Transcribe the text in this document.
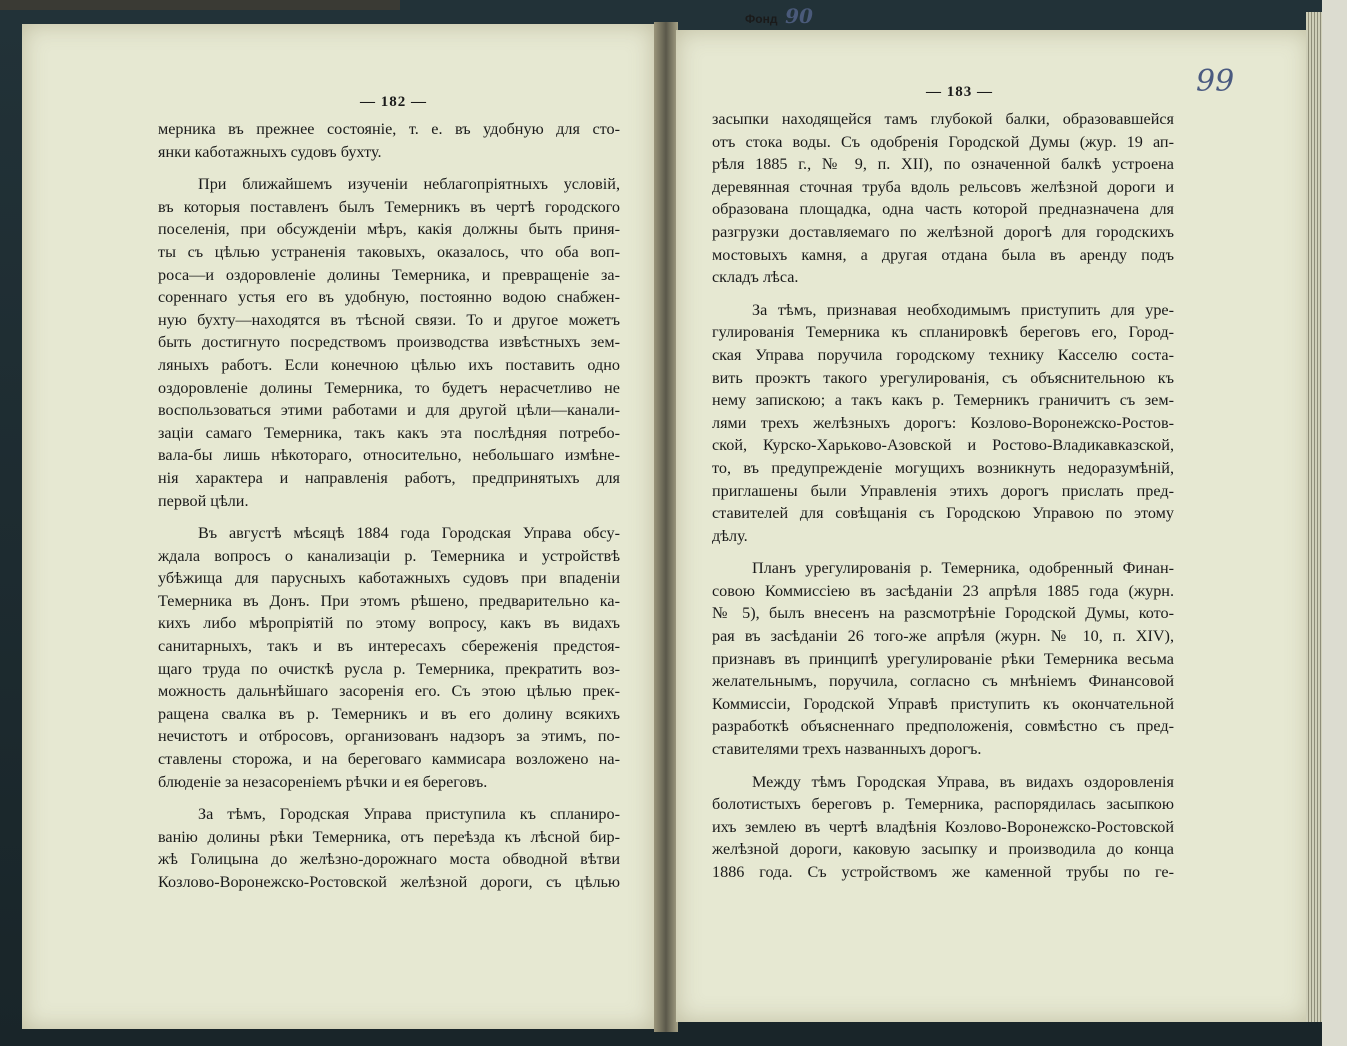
Фонд 90
— 182 —
мерника въ прежнее состояніе, т. е. въ удобную для сто-
янки каботажныхъ судовъ бухту.
При ближайшемъ изученіи неблагопріятныхъ условій,
въ которыя поставленъ былъ Темерникъ въ чертѣ городского
поселенія, при обсужденіи мѣръ, какія должны быть приня-
ты съ цѣлью устраненія таковыхъ, оказалось, что оба воп-
роса—и оздоровленіе долины Темерника, и превращеніе за-
сореннаго устья его въ удобную, постоянно водою снабжен-
ную бухту—находятся въ тѣсной связи. То и другое можетъ
быть достигнуто посредствомъ производства извѣстныхъ зем-
ляныхъ работъ. Если конечною цѣлью ихъ поставить одно
оздоровленіе долины Темерника, то будетъ нерасчетливо не
воспользоваться этими работами и для другой цѣли—канали-
заціи самаго Темерника, такъ какъ эта послѣдняя потребо-
вала-бы лишь нѣкотораго, относительно, небольшаго измѣне-
нія характера и направленія работъ, предпринятыхъ для
первой цѣли.
Въ августѣ мѣсяцѣ 1884 года Городская Управа обсу-
ждала вопросъ о канализаціи р. Темерника и устройствѣ
убѣжища для парусныхъ каботажныхъ судовъ при впаденіи
Темерника въ Донъ. При этомъ рѣшено, предварительно ка-
кихъ либо мѣропріятій по этому вопросу, какъ въ видахъ
санитарныхъ, такъ и въ интересахъ сбереженія предстоя-
щаго труда по очисткѣ русла р. Темерника, прекратить воз-
можность дальнѣйшаго засоренія его. Съ этою цѣлью прек-
ращена свалка въ р. Темерникъ и въ его долину всякихъ
нечистотъ и отбросовъ, организованъ надзоръ за этимъ, по-
ставлены сторожа, и на береговаго каммисара возложено на-
блюденіе за незасореніемъ рѣчки и ея береговъ.
За тѣмъ, Городская Управа приступила къ спланиро-
ванію долины рѣки Темерника, отъ переѣзда къ лѣсной бир-
жѣ Голицына до желѣзно-дорожнаго моста обводной вѣтви
Козлово-Воронежско-Ростовской желѣзной дороги, съ цѣлью
— 183 —	99
засыпки находящейся тамъ глубокой балки, образовавшейся
отъ стока воды. Съ одобренія Городской Думы (жур. 19 ап-
рѣля 1885 г., № 9, п. XII), по означенной балкѣ устроена
деревянная сточная труба вдоль рельсовъ желѣзной дороги и
образована площадка, одна часть которой предназначена для
разгрузки доставляемаго по желѣзной дорогѣ для городскихъ
мостовыхъ камня, а другая отдана была въ аренду подъ
складъ лѣса.
За тѣмъ, признавая необходимымъ приступить для уре-
гулированія Темерника къ спланировкѣ береговъ его, Город-
ская Управа поручила городскому технику Касселю соста-
вить проэктъ такого урегулированія, съ объяснительною къ
нему запискою; а такъ какъ р. Темерникъ граничитъ съ зем-
лями трехъ желѣзныхъ дорогъ: Козлово-Воронежско-Ростов-
ской, Курско-Харьково-Азовской и Ростово-Владикавказской,
то, въ предупрежденіе могущихъ возникнуть недоразумѣній,
приглашены были Управленія этихъ дорогъ прислать пред-
ставителей для совѣщанія съ Городскою Управою по этому
дѣлу.
Планъ урегулированія р. Темерника, одобренный Финан-
совою Коммиссіею въ засѣданіи 23 апрѣля 1885 года (журн.
№ 5), былъ внесенъ на разсмотрѣніе Городской Думы, кото-
рая въ засѣданіи 26 того-же апрѣля (журн. № 10, п. XIV),
признавъ въ принципѣ урегулированіе рѣки Темерника весьма
желательнымъ, поручила, согласно съ мнѣніемъ Финансовой
Коммиссіи, Городской Управѣ приступить къ окончательной
разработкѣ объясненнаго предположенія, совмѣстно съ пред-
ставителями трехъ названныхъ дорогъ.
Между тѣмъ Городская Управа, въ видахъ оздоровленія
болотистыхъ береговъ р. Темерника, распорядилась засыпкою
ихъ землею въ чертѣ владѣнія Козлово-Воронежско-Ростовской
желѣзной дороги, каковую засыпку и производила до конца
1886 года. Съ устройствомъ же каменной трубы по ге-
